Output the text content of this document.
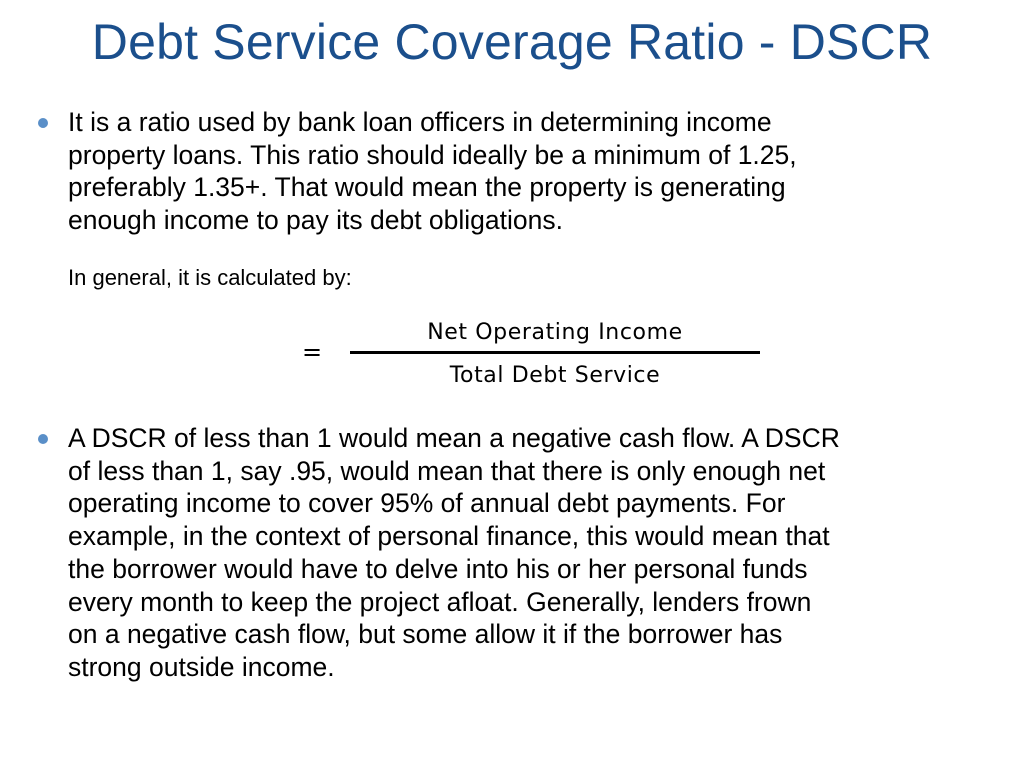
Debt Service Coverage Ratio - DSCR
It is a ratio used by bank loan officers in determining income
property loans. This ratio should ideally be a minimum of 1.25,
preferably 1.35+. That would mean the property is generating
enough income to pay its debt obligations.
In general, it is calculated by:
=
Net Operating Income
Total Debt Service
A DSCR of less than 1 would mean a negative cash flow. A DSCR
of less than 1, say .95, would mean that there is only enough net
operating income to cover 95% of annual debt payments. For
example, in the context of personal finance, this would mean that
the borrower would have to delve into his or her personal funds
every month to keep the project afloat. Generally, lenders frown
on a negative cash flow, but some allow it if the borrower has
strong outside income.
